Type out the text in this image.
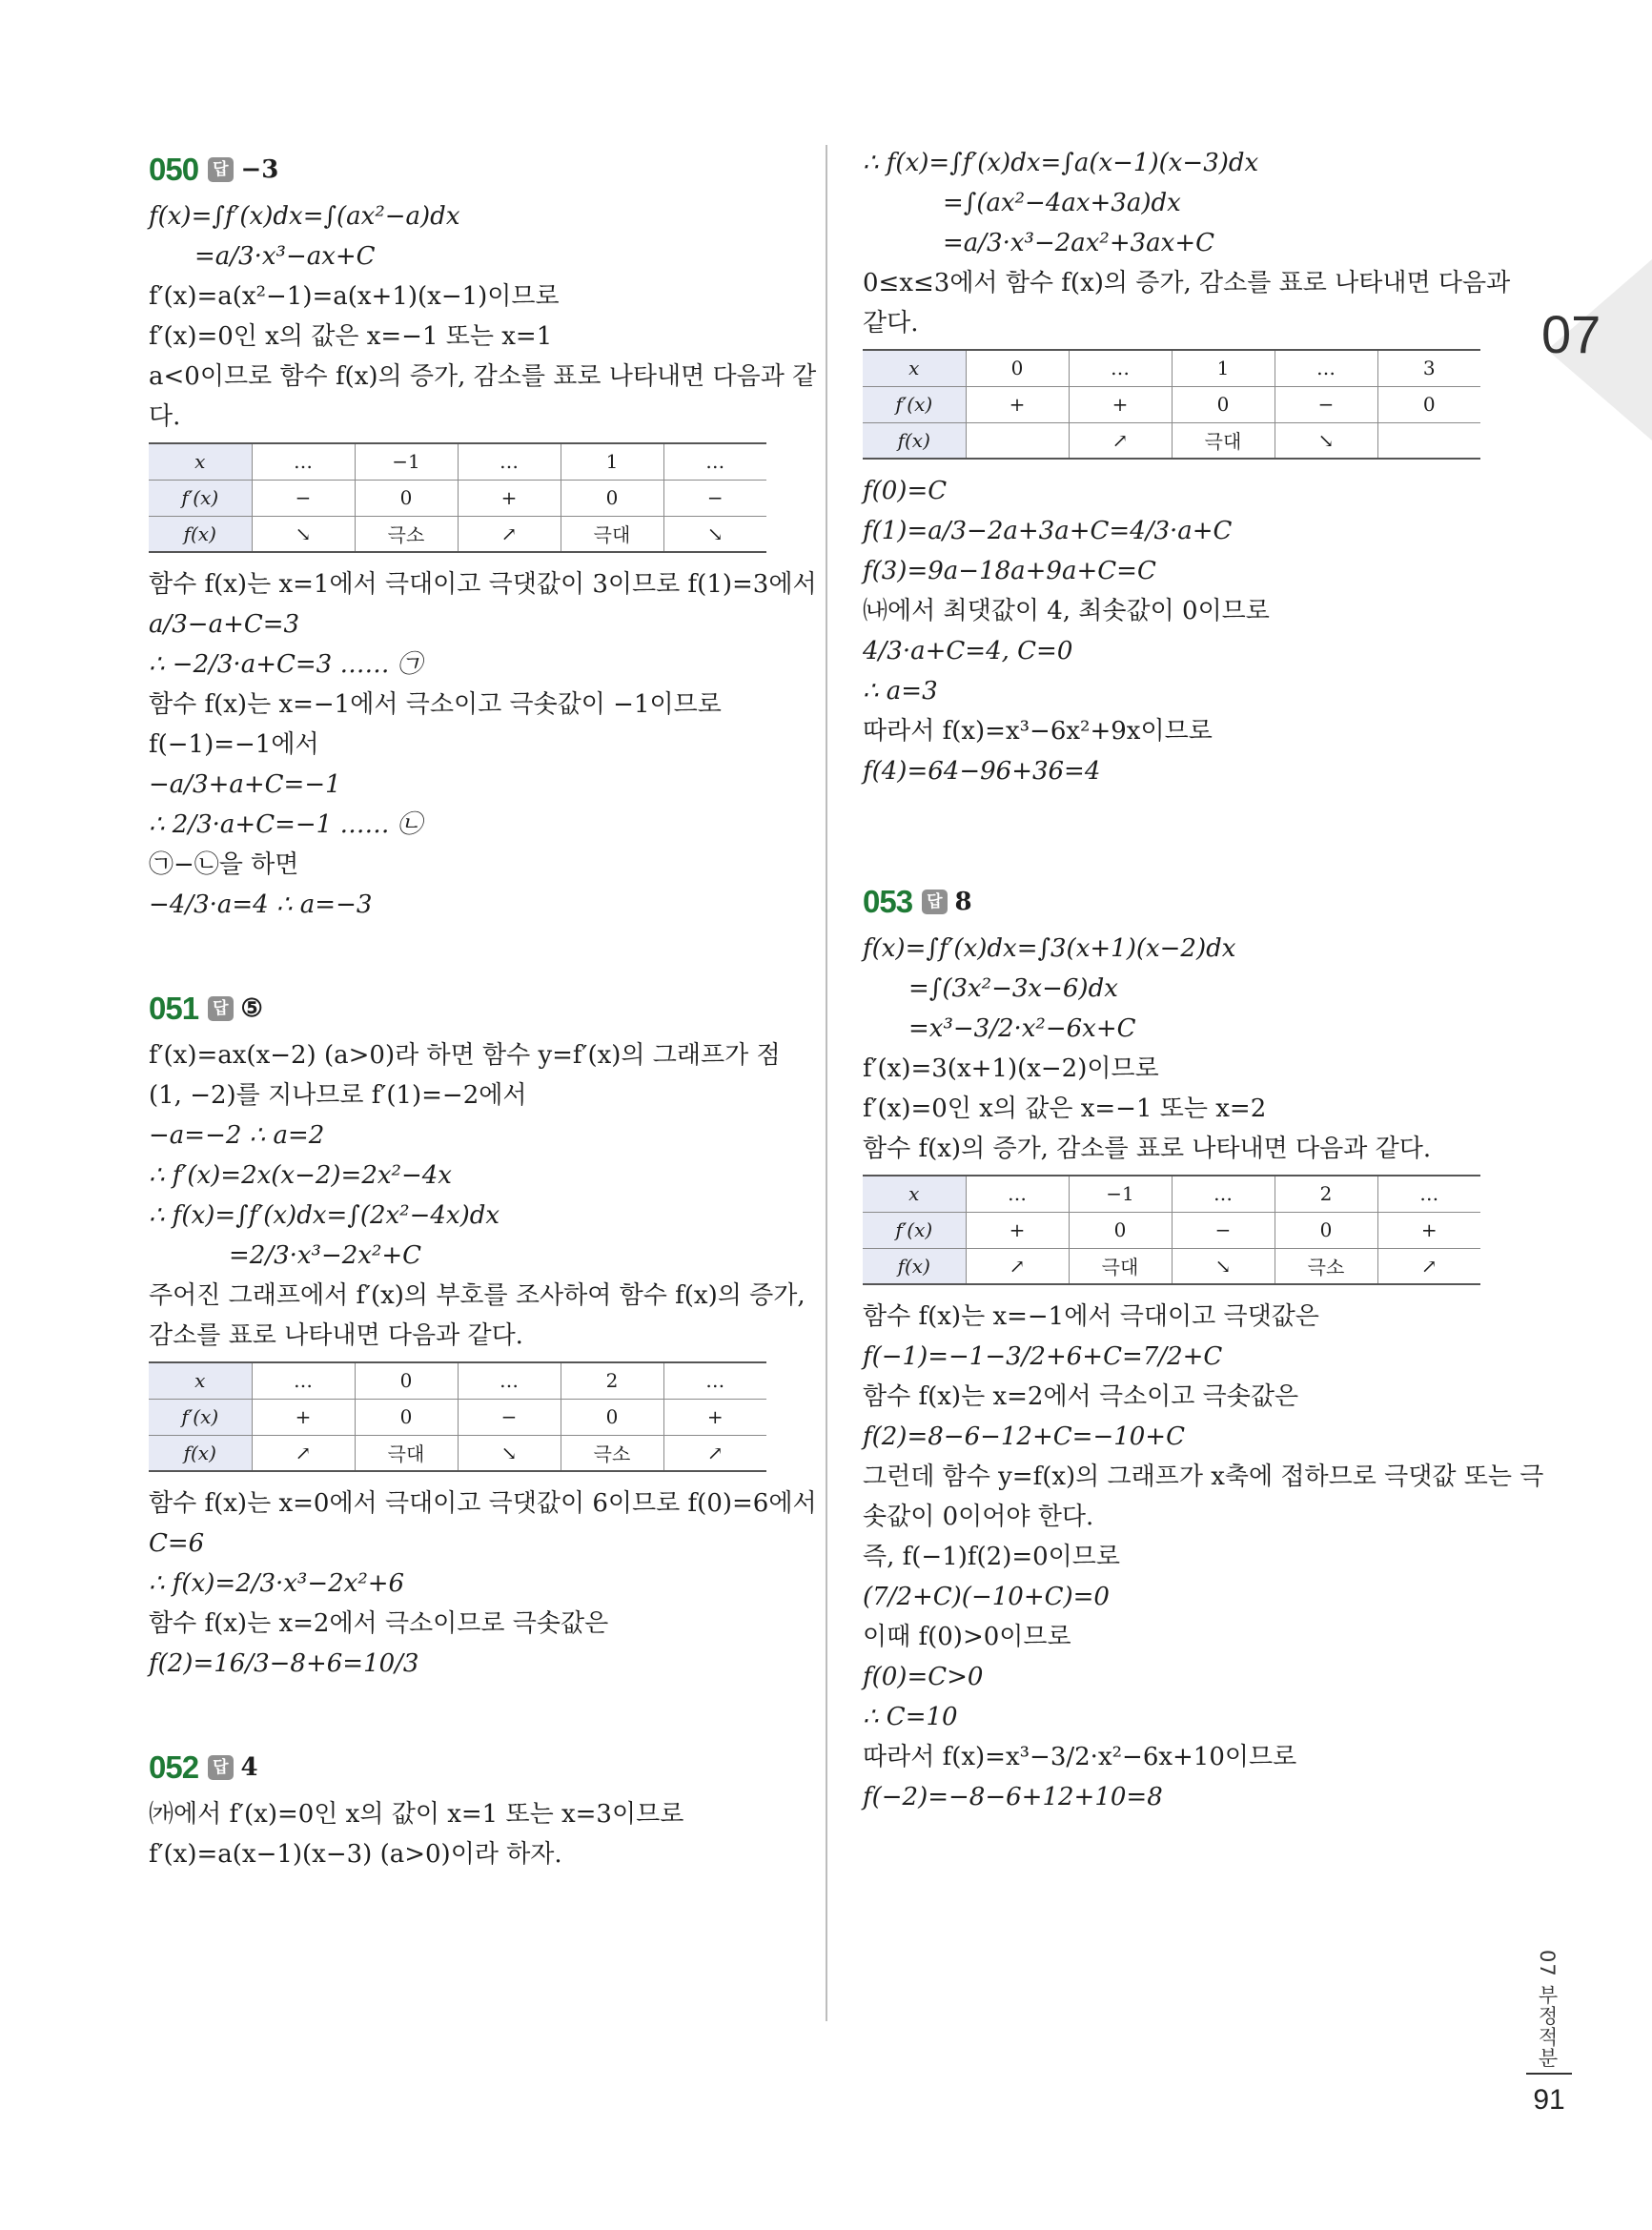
050 답 −3
f(x)=∫f′(x)dx=∫(ax²−a)dx
=a/3·x³−ax+C
f′(x)=a(x²−1)=a(x+1)(x−1)이므로
f′(x)=0인 x의 값은 x=−1 또는 x=1
a<0이므로 함수 f(x)의 증가, 감소를 표로 나타내면 다음과 같
다.
x	…	−1	…	1	…
f′(x)	−	0	+	0	−
f(x)	↘	극소	↗	극대	↘
함수 f(x)는 x=1에서 극대이고 극댓값이 3이므로 f(1)=3에서
a/3−a+C=3
∴ −2/3·a+C=3 …… ㉠
함수 f(x)는 x=−1에서 극소이고 극솟값이 −1이므로
f(−1)=−1에서
−a/3+a+C=−1
∴ 2/3·a+C=−1 …… ㉡
㉠−㉡을 하면
−4/3·a=4 ∴ a=−3
051 답 ⑤
f′(x)=ax(x−2) (a>0)라 하면 함수 y=f′(x)의 그래프가 점
(1, −2)를 지나므로 f′(1)=−2에서
−a=−2 ∴ a=2
∴ f′(x)=2x(x−2)=2x²−4x
∴ f(x)=∫f′(x)dx=∫(2x²−4x)dx
=2/3·x³−2x²+C
주어진 그래프에서 f′(x)의 부호를 조사하여 함수 f(x)의 증가,
감소를 표로 나타내면 다음과 같다.
x	…	0	…	2	…
f′(x)	+	0	−	0	+
f(x)	↗	극대	↘	극소	↗
함수 f(x)는 x=0에서 극대이고 극댓값이 6이므로 f(0)=6에서
C=6
∴ f(x)=2/3·x³−2x²+6
함수 f(x)는 x=2에서 극소이므로 극솟값은
f(2)=16/3−8+6=10/3
052 답 4
㈎에서 f′(x)=0인 x의 값이 x=1 또는 x=3이므로
f′(x)=a(x−1)(x−3) (a>0)이라 하자.
∴ f(x)=∫f′(x)dx=∫a(x−1)(x−3)dx
=∫(ax²−4ax+3a)dx
=a/3·x³−2ax²+3ax+C
0≤x≤3에서 함수 f(x)의 증가, 감소를 표로 나타내면 다음과
같다.
x	0	…	1	…	3
f′(x)	+	+	0	−	0
f(x)		↗	극대	↘	
f(0)=C
f(1)=a/3−2a+3a+C=4/3·a+C
f(3)=9a−18a+9a+C=C
㈏에서 최댓값이 4, 최솟값이 0이므로
4/3·a+C=4, C=0
∴ a=3
따라서 f(x)=x³−6x²+9x이므로
f(4)=64−96+36=4
053 답 8
f(x)=∫f′(x)dx=∫3(x+1)(x−2)dx
=∫(3x²−3x−6)dx
=x³−3/2·x²−6x+C
f′(x)=3(x+1)(x−2)이므로
f′(x)=0인 x의 값은 x=−1 또는 x=2
함수 f(x)의 증가, 감소를 표로 나타내면 다음과 같다.
x	…	−1	…	2	…
f′(x)	+	0	−	0	+
f(x)	↗	극대	↘	극소	↗
함수 f(x)는 x=−1에서 극대이고 극댓값은
f(−1)=−1−3/2+6+C=7/2+C
함수 f(x)는 x=2에서 극소이고 극솟값은
f(2)=8−6−12+C=−10+C
그런데 함수 y=f(x)의 그래프가 x축에 접하므로 극댓값 또는 극
솟값이 0이어야 한다.
즉, f(−1)f(2)=0이므로
(7/2+C)(−10+C)=0
이때 f(0)>0이므로
f(0)=C>0
∴ C=10
따라서 f(x)=x³−3/2·x²−6x+10이므로
f(−2)=−8−6+12+10=8
07
07 부정적분
91
